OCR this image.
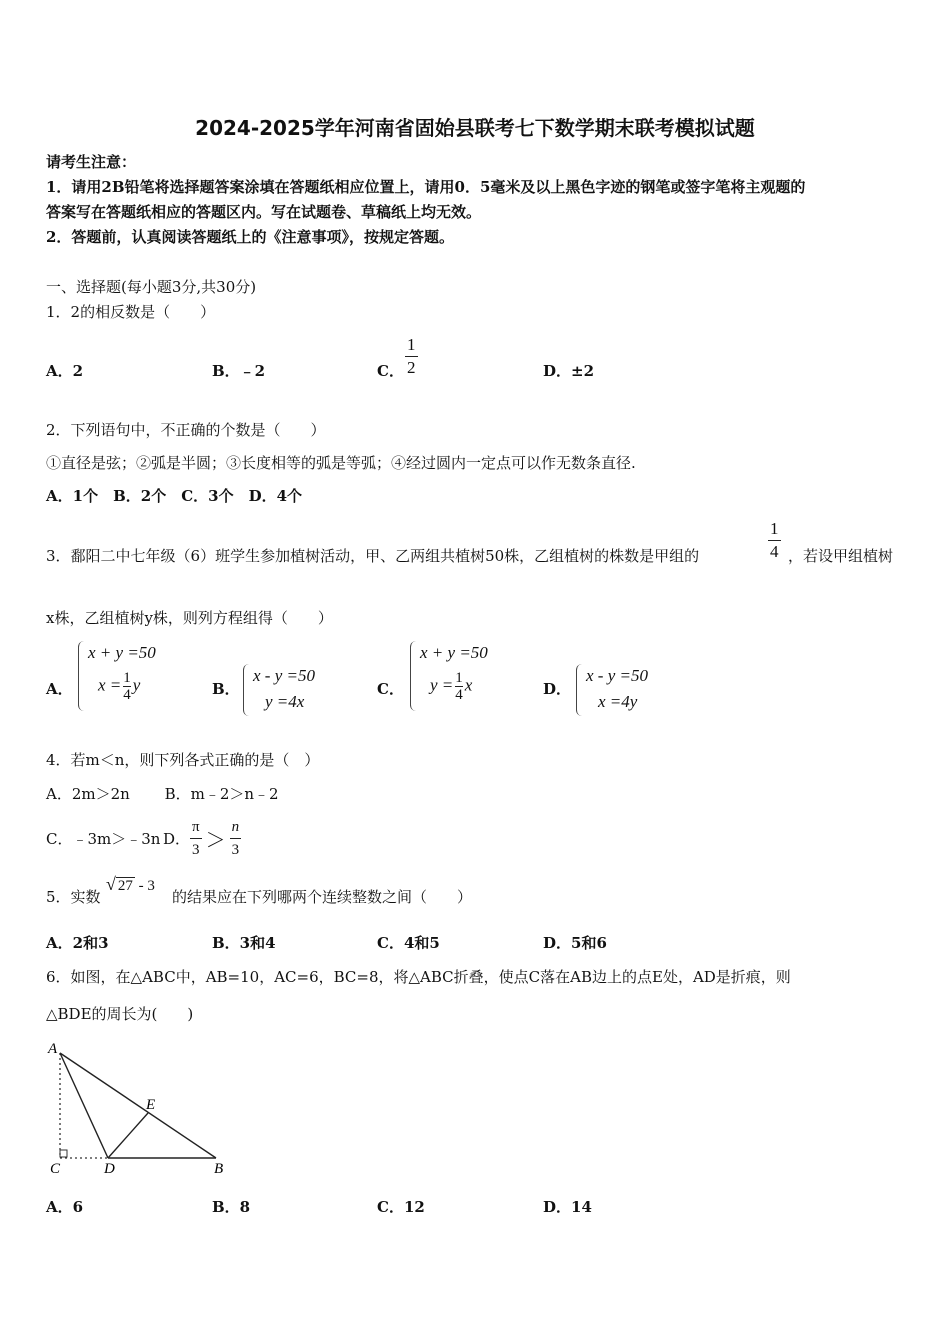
2024-2025学年河南省固始县联考七下数学期末联考模拟试题
请考生注意：
1．请用2B铅笔将选择题答案涂填在答题纸相应位置上，请用0．5毫米及以上黑色字迹的钢笔或签字笔将主观题的
答案写在答题纸相应的答题区内。写在试题卷、草稿纸上均无效。
2．答题前，认真阅读答题纸上的《注意事项》，按规定答题。
一、选择题(每小题3分,共30分)
1．2的相反数是（　　）
A．2	B．﹣2	C． $\frac{1}{2}$	D．±2
2．下列语句中，不正确的个数是（　　）
①直径是弦；②弧是半圆；③长度相等的弧是等弧；④经过圆内一定点可以作无数条直径.
A．1个　B．2个　C．3个　D．4个
3．鄱阳二中七年级（6）班学生参加植树活动，甲、乙两组共植树50株，乙组植树的株数是甲组的	$\frac{1}{4}$ ，若设甲组植树
x株，乙组植树y株，则列方程组得（　　）
A．
x + y =50
$x = \frac{1}{4}$ y	B．
x - y =50
y =4x
C．
x + y =50
$y = \frac{1}{4}$ x	D．
x - y =50
x =4y
4．若m＜n，则下列各式正确的是（　）
A．2m＞2n　　 B．m﹣2＞n﹣2
C．﹣3m＞﹣3n D． $\frac{\pi}{3} > \frac{n}{3}$
5．实数
√ 27 - 3
的结果应在下列哪两个连续整数之间（　　）
A．2和3	B．3和4	C．4和5	D．5和6
6．如图，在△ABC中，AB=10，AC=6，BC=8，将△ABC折叠，使点C落在AB边上的点E处，AD是折痕，则
△BDE的周长为(　　)
A
E
C	D	B
A．6	B．8	C．12	D．14
